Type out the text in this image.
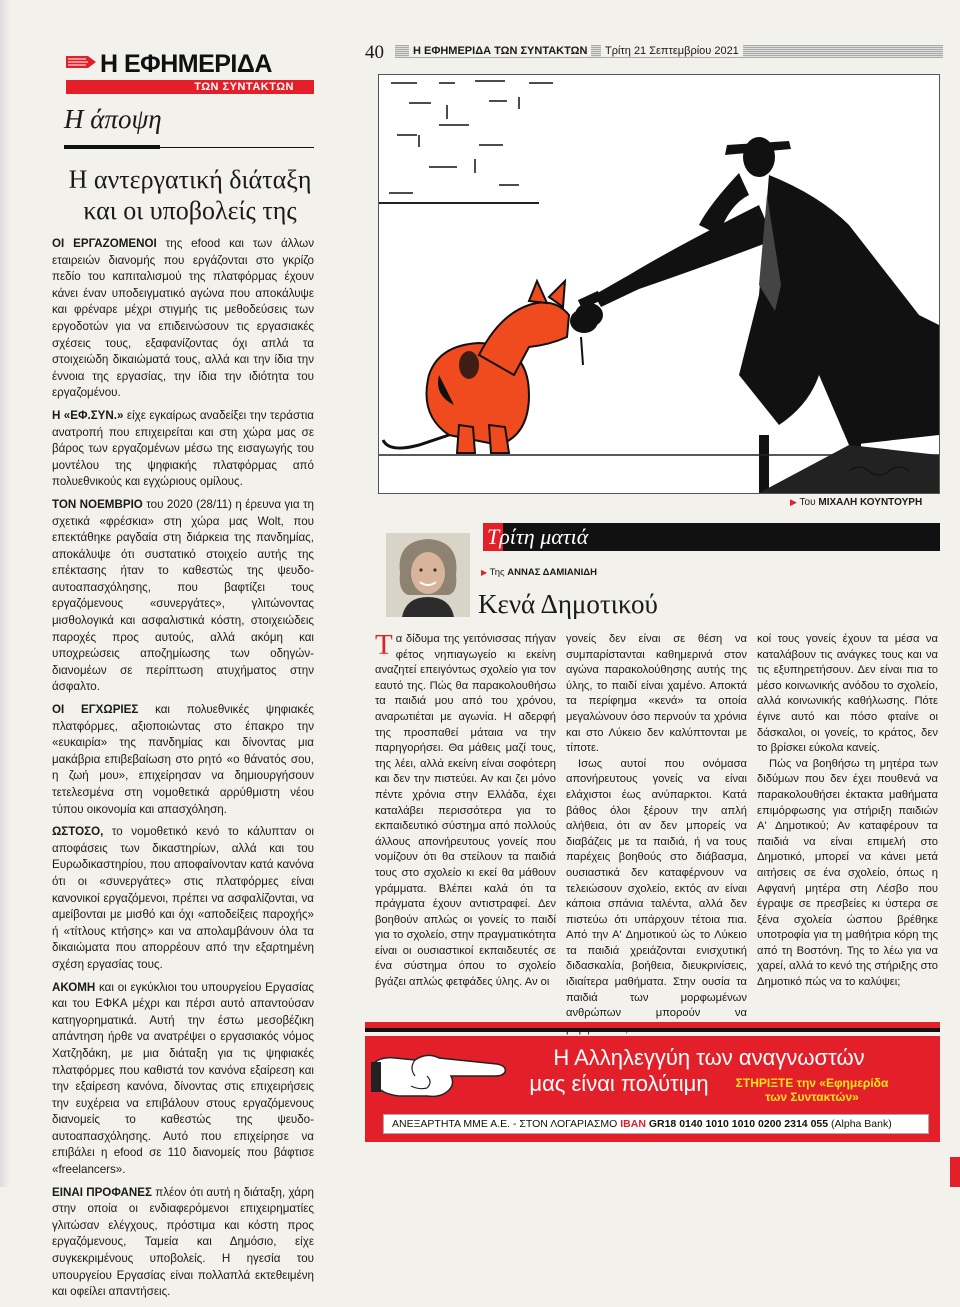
Η ΕΦΗΜΕΡΙΔΑ
ΤΩΝ ΣΥΝΤΑΚΤΩΝ
Η άποψη
Η αντεργατική διάταξη
και οι υποβολείς της

ΟΙ ΕΡΓΑΖΟΜΕΝΟΙ της efood και των άλλων εταιρειών διανομής που εργάζονται στο γκρίζο πεδίο του καπιταλισμού της πλατφόρμας έχουν κάνει έναν υποδειγματικό αγώνα που αποκάλυψε και φρέναρε μέχρι στιγμής τις μεθοδεύσεις των εργοδοτών για να επιδεινώσουν τις εργασιακές σχέσεις τους, εξαφανίζοντας όχι απλά τα στοιχειώδη δικαιώματά τους, αλλά και την ίδια την έννοια της εργασίας, την ίδια την ιδιότητα του εργαζομένου.

Η «ΕΦ.ΣΥΝ.» είχε εγκαίρως αναδείξει την τεράστια ανατροπή που επιχειρείται και στη χώρα μας σε βάρος των εργαζομένων μέσω της εισαγωγής του μοντέλου της ψηφιακής πλατφόρμας από πολυεθνικούς και εγχώριους ομίλους.

ΤΟΝ ΝΟΕΜΒΡΙΟ του 2020 (28/11) η έρευνα για τη σχετικά «φρέσκια» στη χώρα μας Wolt, που επεκτάθηκε ραγδαία στη διάρκεια της πανδημίας, αποκάλυψε ότι συστατικό στοιχείο αυτής της επέκτασης ήταν το καθεστώς της ψευδο-αυτοαπασχόλησης, που βαφτίζει τους εργαζόμενους «συνεργάτες», γλιτώνοντας μισθολογικά και ασφαλιστικά κόστη, στοιχειώδεις παροχές προς αυτούς, αλλά ακόμη και υποχρεώσεις αποζημίωσης των οδηγών-διανομέων σε περίπτωση ατυχήματος στην άσφαλτο.

ΟΙ ΕΓΧΩΡΙΕΣ και πολυεθνικές ψηφιακές πλατφόρμες, αξιοποιώντας στο έπακρο την «ευκαιρία» της πανδημίας και δίνοντας μια μακάβρια επιβεβαίωση στο ρητό «ο θάνατός σου, η ζωή μου», επιχείρησαν να δημιουργήσουν τετελεσμένα στη νομοθετικά αρρύθμιστη νέου τύπου οικονομία και απασχόληση.

ΩΣΤΟΣΟ, το νομοθετικό κενό το κάλυπταν οι αποφάσεις των δικαστηρίων, αλλά και του Ευρωδικαστηρίου, που αποφαίνονταν κατά κανόνα ότι οι «συνεργάτες» στις πλατφόρμες είναι κανονικοί εργαζόμενοι, πρέπει να ασφαλίζονται, να αμείβονται με μισθό και όχι «αποδείξεις παροχής» ή «τίτλους κτήσης» και να απολαμβάνουν όλα τα δικαιώματα που απορρέουν από την εξαρτημένη σχέση εργασίας τους.

ΑΚΟΜΗ και οι εγκύκλιοι του υπουργείου Εργασίας και του ΕΦΚΑ μέχρι και πέρσι αυτό απαντούσαν κατηγορηματικά. Αυτή την έστω μεσοβέζικη απάντηση ήρθε να ανατρέψει ο εργασιακός νόμος Χατζηδάκη, με μια διάταξη για τις ψηφιακές πλατφόρμες που καθιστά τον κανόνα εξαίρεση και την εξαίρεση κανόνα, δίνοντας στις επιχειρήσεις την ευχέρεια να επιβάλουν στους εργαζόμενους διανομείς το καθεστώς της ψευδο-αυτοαπασχόλησης. Αυτό που επιχείρησε να επιβάλει η efood σε 110 διανομείς που βάφτισε «freelancers».

ΕΙΝΑΙ ΠΡΟΦΑΝΕΣ πλέον ότι αυτή η διάταξη, χάρη στην οποία οι ενδιαφερόμενοι επιχειρηματίες γλιτώσαν ελέγχους, πρόστιμα και κόστη προς εργαζόμενους, Ταμεία και Δημόσιο, είχε συγκεκριμένους υποβολείς. Η ηγεσία του υπουργείου Εργασίας είναι πολλαπλά εκτεθειμένη και οφείλει απαντήσεις.

40	Η ΕΦΗΜΕΡΙΔΑ ΤΩΝ ΣΥΝΤΑΚΤΩΝ	Τρίτη 21 Σεπτεμβρίου 2021
▶ Του ΜΙΧΑΛΗ ΚΟΥΝΤΟΥΡΗ
Τρίτη ματιά
▶ Της ΑΝΝΑΣ ΔΑΜΙΑΝΙΔΗ
Κενά Δημοτικού

Τα δίδυμα της γειτόνισσας πήγαν φέτος νηπιαγωγείο κι εκείνη αναζητεί επειγόντως σχολείο για τον εαυτό της. Πώς θα παρακολουθήσω τα παιδιά μου από του χρόνου, αναρωτιέται με αγωνία. Η αδερφή της προσπαθεί μάταια να την παρηγορήσει. Θα μάθεις μαζί τους, της λέει, αλλά εκείνη είναι σοφότερη και δεν την πιστεύει. Αν και ζει μόνο πέντε χρόνια στην Ελλάδα, έχει καταλάβει περισσότερα για το εκπαιδευτικό σύστημα από πολλούς άλλους απονήρευτους γονείς που νομίζουν ότι θα στείλουν τα παιδιά τους στο σχολείο κι εκεί θα μάθουν γράμματα. Βλέπει καλά ότι τα πράγματα έχουν αντιστραφεί. Δεν βοηθούν απλώς οι γονείς το παιδί για το σχολείο, στην πραγματικότητα είναι οι ουσιαστικοί εκπαιδευτές σε ένα σύστημα όπου το σχολείο βγάζει απλώς φετφάδες ύλης. Αν οι

γονείς δεν είναι σε θέση να συμπαρίστανται καθημερινά στον αγώνα παρακολούθησης αυτής της ύλης, το παιδί είναι χαμένο. Αποκτά τα περίφημα «κενά» τα οποία μεγαλώνουν όσο περνούν τα χρόνια και στο Λύκειο δεν καλύπτονται με τίποτε.

Ισως αυτοί που ονόμασα απονήρευτους γονείς να είναι ελάχιστοι έως ανύπαρκτοι. Κατά βάθος όλοι ξέρουν την απλή αλήθεια, ότι αν δεν μπορείς να διαβάζεις με τα παιδιά, ή να τους παρέχεις βοηθούς στο διάβασμα, ουσιαστικά δεν καταφέρνουν να τελειώσουν σχολείο, εκτός αν είναι κάποια σπάνια ταλέντα, αλλά δεν πιστεύω ότι υπάρχουν τέτοια πια. Από την Α' Δημοτικού ώς το Λύκειο τα παιδιά χρειάζονται ενισχυτική διδασκαλία, βοήθεια, διευκρινίσεις, ιδιαίτερα μαθήματα. Στην ουσία τα παιδιά των μορφωμένων ανθρώπων μπορούν να

κοί τους γονείς έχουν τα μέσα να καταλάβουν τις ανάγκες τους και να τις εξυπηρετήσουν. Δεν είναι πια το μέσο κοινωνικής ανόδου το σχολείο, αλλά κοινωνικής καθήλωσης. Πότε έγινε αυτό και πόσο φταίνε οι δάσκαλοι, οι γονείς, το κράτος, δεν το βρίσκει εύκολα κανείς.

Πώς να βοηθήσω τη μητέρα των διδύμων που δεν έχει πουθενά να παρακολουθήσει έκτακτα μαθήματα επιμόρφωσης για στήριξη παιδιών Α' Δημοτικού; Αν καταφέρουν τα παιδιά να είναι επιμελή στο Δημοτικό, μπορεί να κάνει μετά αιτήσεις σε ένα σχολείο, όπως η Αφγανή μητέρα στη Λέσβο που έγραψε σε πρεσβείες κι ύστερα σε ξένα σχολεία ώσπου βρέθηκε υποτροφία για τη μαθήτρια κόρη της από τη Βοστόνη. Της το λέω για να χαρεί, αλλά το κενό της στήριξης στο Δημοτικό πώς να το καλύψει;

Η Αλληλεγγύη των αναγνωστών
μας είναι πολύτιμη	ΣΤΗΡΙΞΤΕ την «Εφημερίδα των Συντακτών»
ΑΝΕΞΑΡΤΗΤΑ ΜΜΕ Α.Ε. - ΣΤΟΝ ΛΟΓΑΡΙΑΣΜΟ IBAN GR18 0140 1010 1010 0200 2314 055 (Alpha Bank)
